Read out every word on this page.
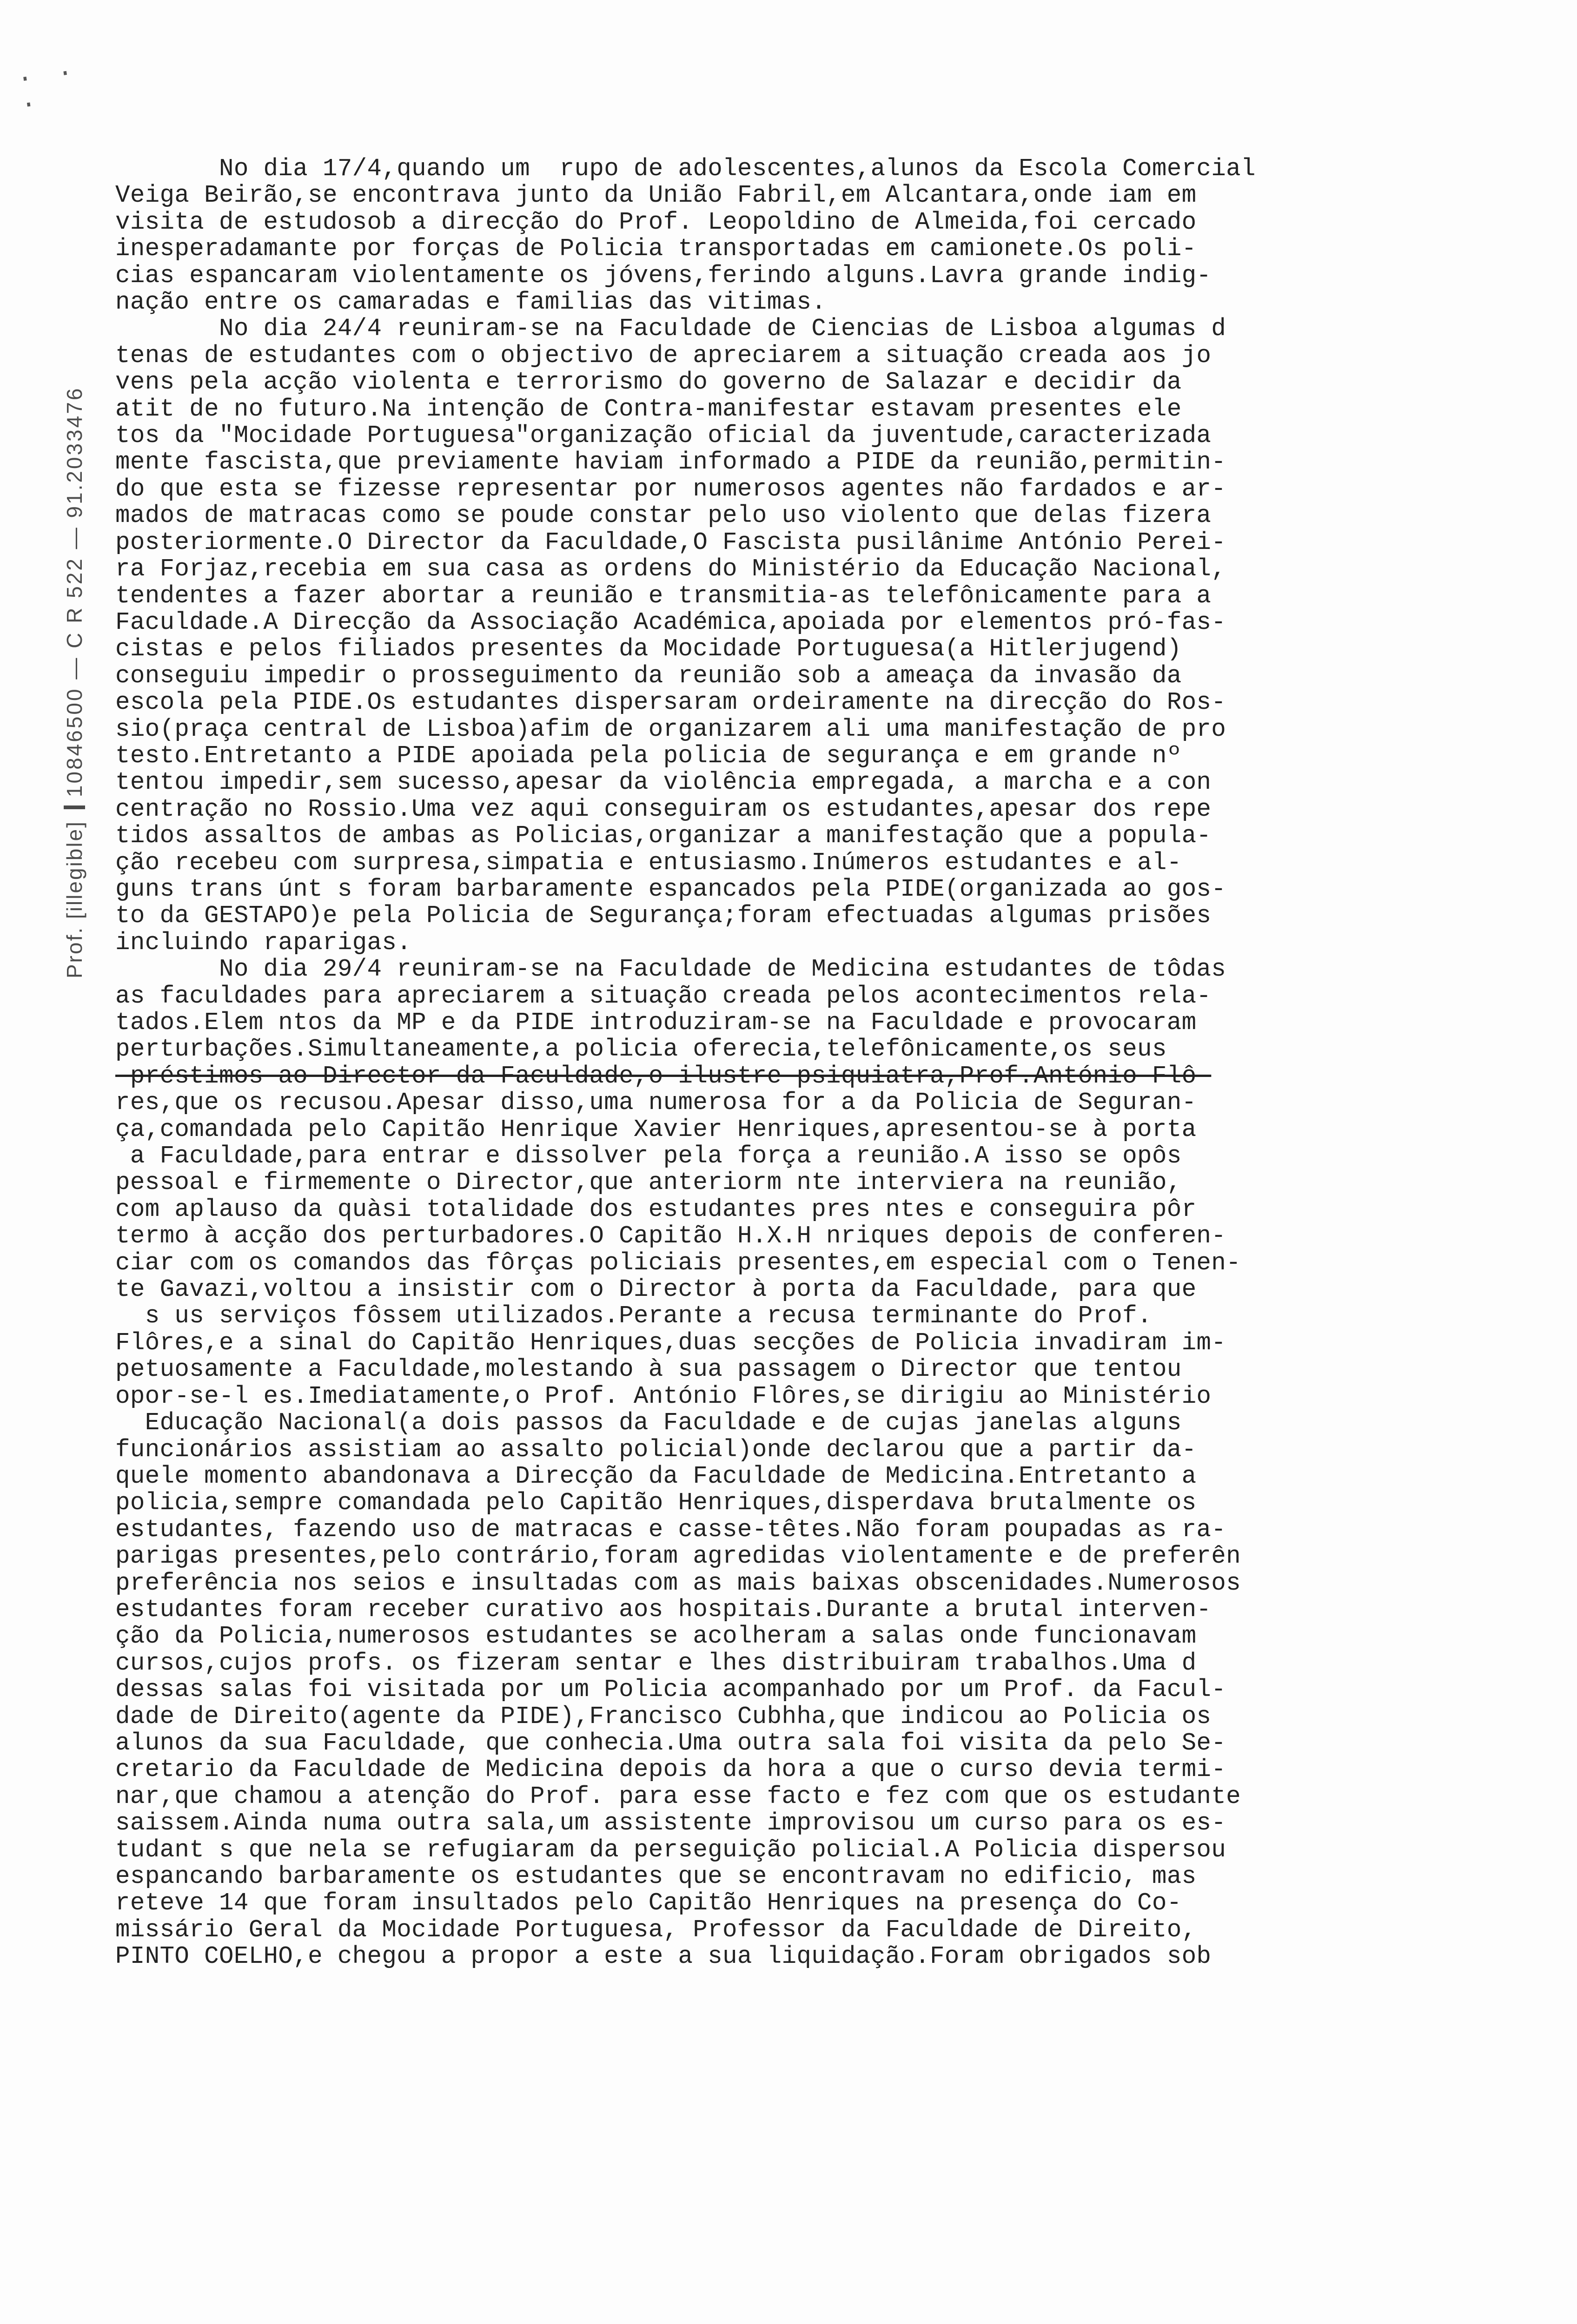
. . .
Prof. [illegible]
10846500 — C R 522 — 91.2033476
No dia 17/4,quando um  rupo de adolescentes,alunos da Escola Comercial
Veiga Beirão,se encontrava junto da União Fabril,em Alcantara,onde iam em
visita de estudosob a direcção do Prof. Leopoldino de Almeida,foi cercado
inesperadamante por forças de Policia transportadas em camionete.Os poli-
cias espancaram violentamente os jóvens,ferindo alguns.Lavra grande indig-
nação entre os camaradas e familias das vitimas.
No dia 24/4 reuniram-se na Faculdade de Ciencias de Lisboa algumas d
tenas de estudantes com o objectivo de apreciarem a situação creada aos jo
vens pela acção violenta e terrorismo do governo de Salazar e decidir da
atit de no futuro.Na intenção de Contra-manifestar estavam presentes ele
tos da "Mocidade Portuguesa"organização oficial da juventude,caracterizada
mente fascista,que previamente haviam informado a PIDE da reunião,permitin-
do que esta se fizesse representar por numerosos agentes não fardados e ar-
mados de matracas como se poude constar pelo uso violento que delas fizera
posteriormente.O Director da Faculdade,O Fascista pusilânime António Perei-
ra Forjaz,recebia em sua casa as ordens do Ministério da Educação Nacional,
tendentes a fazer abortar a reunião e transmitia-as telefônicamente para a
Faculdade.A Direcção da Associação Académica,apoiada por elementos pró-fas-
cistas e pelos filiados presentes da Mocidade Portuguesa(a Hitlerjugend)
conseguiu impedir o prosseguimento da reunião sob a ameaça da invasão da
escola pela PIDE.Os estudantes dispersaram ordeiramente na direcção do Ros-
sio(praça central de Lisboa)afim de organizarem ali uma manifestação de pro
testo.Entretanto a PIDE apoiada pela policia de segurança e em grande nº
tentou impedir,sem sucesso,apesar da violência empregada, a marcha e a con
centração no Rossio.Uma vez aqui conseguiram os estudantes,apesar dos repe
tidos assaltos de ambas as Policias,organizar a manifestação que a popula-
ção recebeu com surpresa,simpatia e entusiasmo.Inúmeros estudantes e al-
guns trans únt s foram barbaramente espancados pela PIDE(organizada ao gos-
to da GESTAPO)e pela Policia de Segurança;foram efectuadas algumas prisões
incluindo raparigas.
No dia 29/4 reuniram-se na Faculdade de Medicina estudantes de tôdas
as faculdades para apreciarem a situação creada pelos acontecimentos rela-
tados.Elem ntos da MP e da PIDE introduziram-se na Faculdade e provocaram
perturbações.Simultaneamente,a policia oferecia,telefônicamente,os seus
préstimos ao Director da Faculdade,o ilustre psiquiatra,Prof.António Flô-
res,que os recusou.Apesar disso,uma numerosa for a da Policia de Seguran-
ça,comandada pelo Capitão Henrique Xavier Henriques,apresentou-se à porta
a Faculdade,para entrar e dissolver pela força a reunião.A isso se opôs
pessoal e firmemente o Director,que anteriorm nte interviera na reunião,
com aplauso da quàsi totalidade dos estudantes pres ntes e conseguira pôr
termo à acção dos perturbadores.O Capitão H.X.H nriques depois de conferen-
ciar com os comandos das fôrças policiais presentes,em especial com o Tenen-
te Gavazi,voltou a insistir com o Director à porta da Faculdade, para que
s us serviços fôssem utilizados.Perante a recusa terminante do Prof.
Flôres,e a sinal do Capitão Henriques,duas secções de Policia invadiram im-
petuosamente a Faculdade,molestando à sua passagem o Director que tentou
opor-se-l es.Imediatamente,o Prof. António Flôres,se dirigiu ao Ministério
Educação Nacional(a dois passos da Faculdade e de cujas janelas alguns
funcionários assistiam ao assalto policial)onde declarou que a partir da-
quele momento abandonava a Direcção da Faculdade de Medicina.Entretanto a
policia,sempre comandada pelo Capitão Henriques,disperdava brutalmente os
estudantes, fazendo uso de matracas e casse-têtes.Não foram poupadas as ra-
parigas presentes,pelo contrário,foram agredidas violentamente e de preferên
preferência nos seios e insultadas com as mais baixas obscenidades.Numerosos
estudantes foram receber curativo aos hospitais.Durante a brutal interven-
ção da Policia,numerosos estudantes se acolheram a salas onde funcionavam
cursos,cujos profs. os fizeram sentar e lhes distribuiram trabalhos.Uma d
dessas salas foi visitada por um Policia acompanhado por um Prof. da Facul-
dade de Direito(agente da PIDE),Francisco Cubhha,que indicou ao Policia os
alunos da sua Faculdade, que conhecia.Uma outra sala foi visita da pelo Se-
cretario da Faculdade de Medicina depois da hora a que o curso devia termi-
nar,que chamou a atenção do Prof. para esse facto e fez com que os estudante
saissem.Ainda numa outra sala,um assistente improvisou um curso para os es-
tudant s que nela se refugiaram da perseguição policial.A Policia dispersou
espancando barbaramente os estudantes que se encontravam no edificio, mas
reteve 14 que foram insultados pelo Capitão Henriques na presença do Co-
missário Geral da Mocidade Portuguesa, Professor da Faculdade de Direito,
PINTO COELHO,e chegou a propor a este a sua liquidação.Foram obrigados sob
